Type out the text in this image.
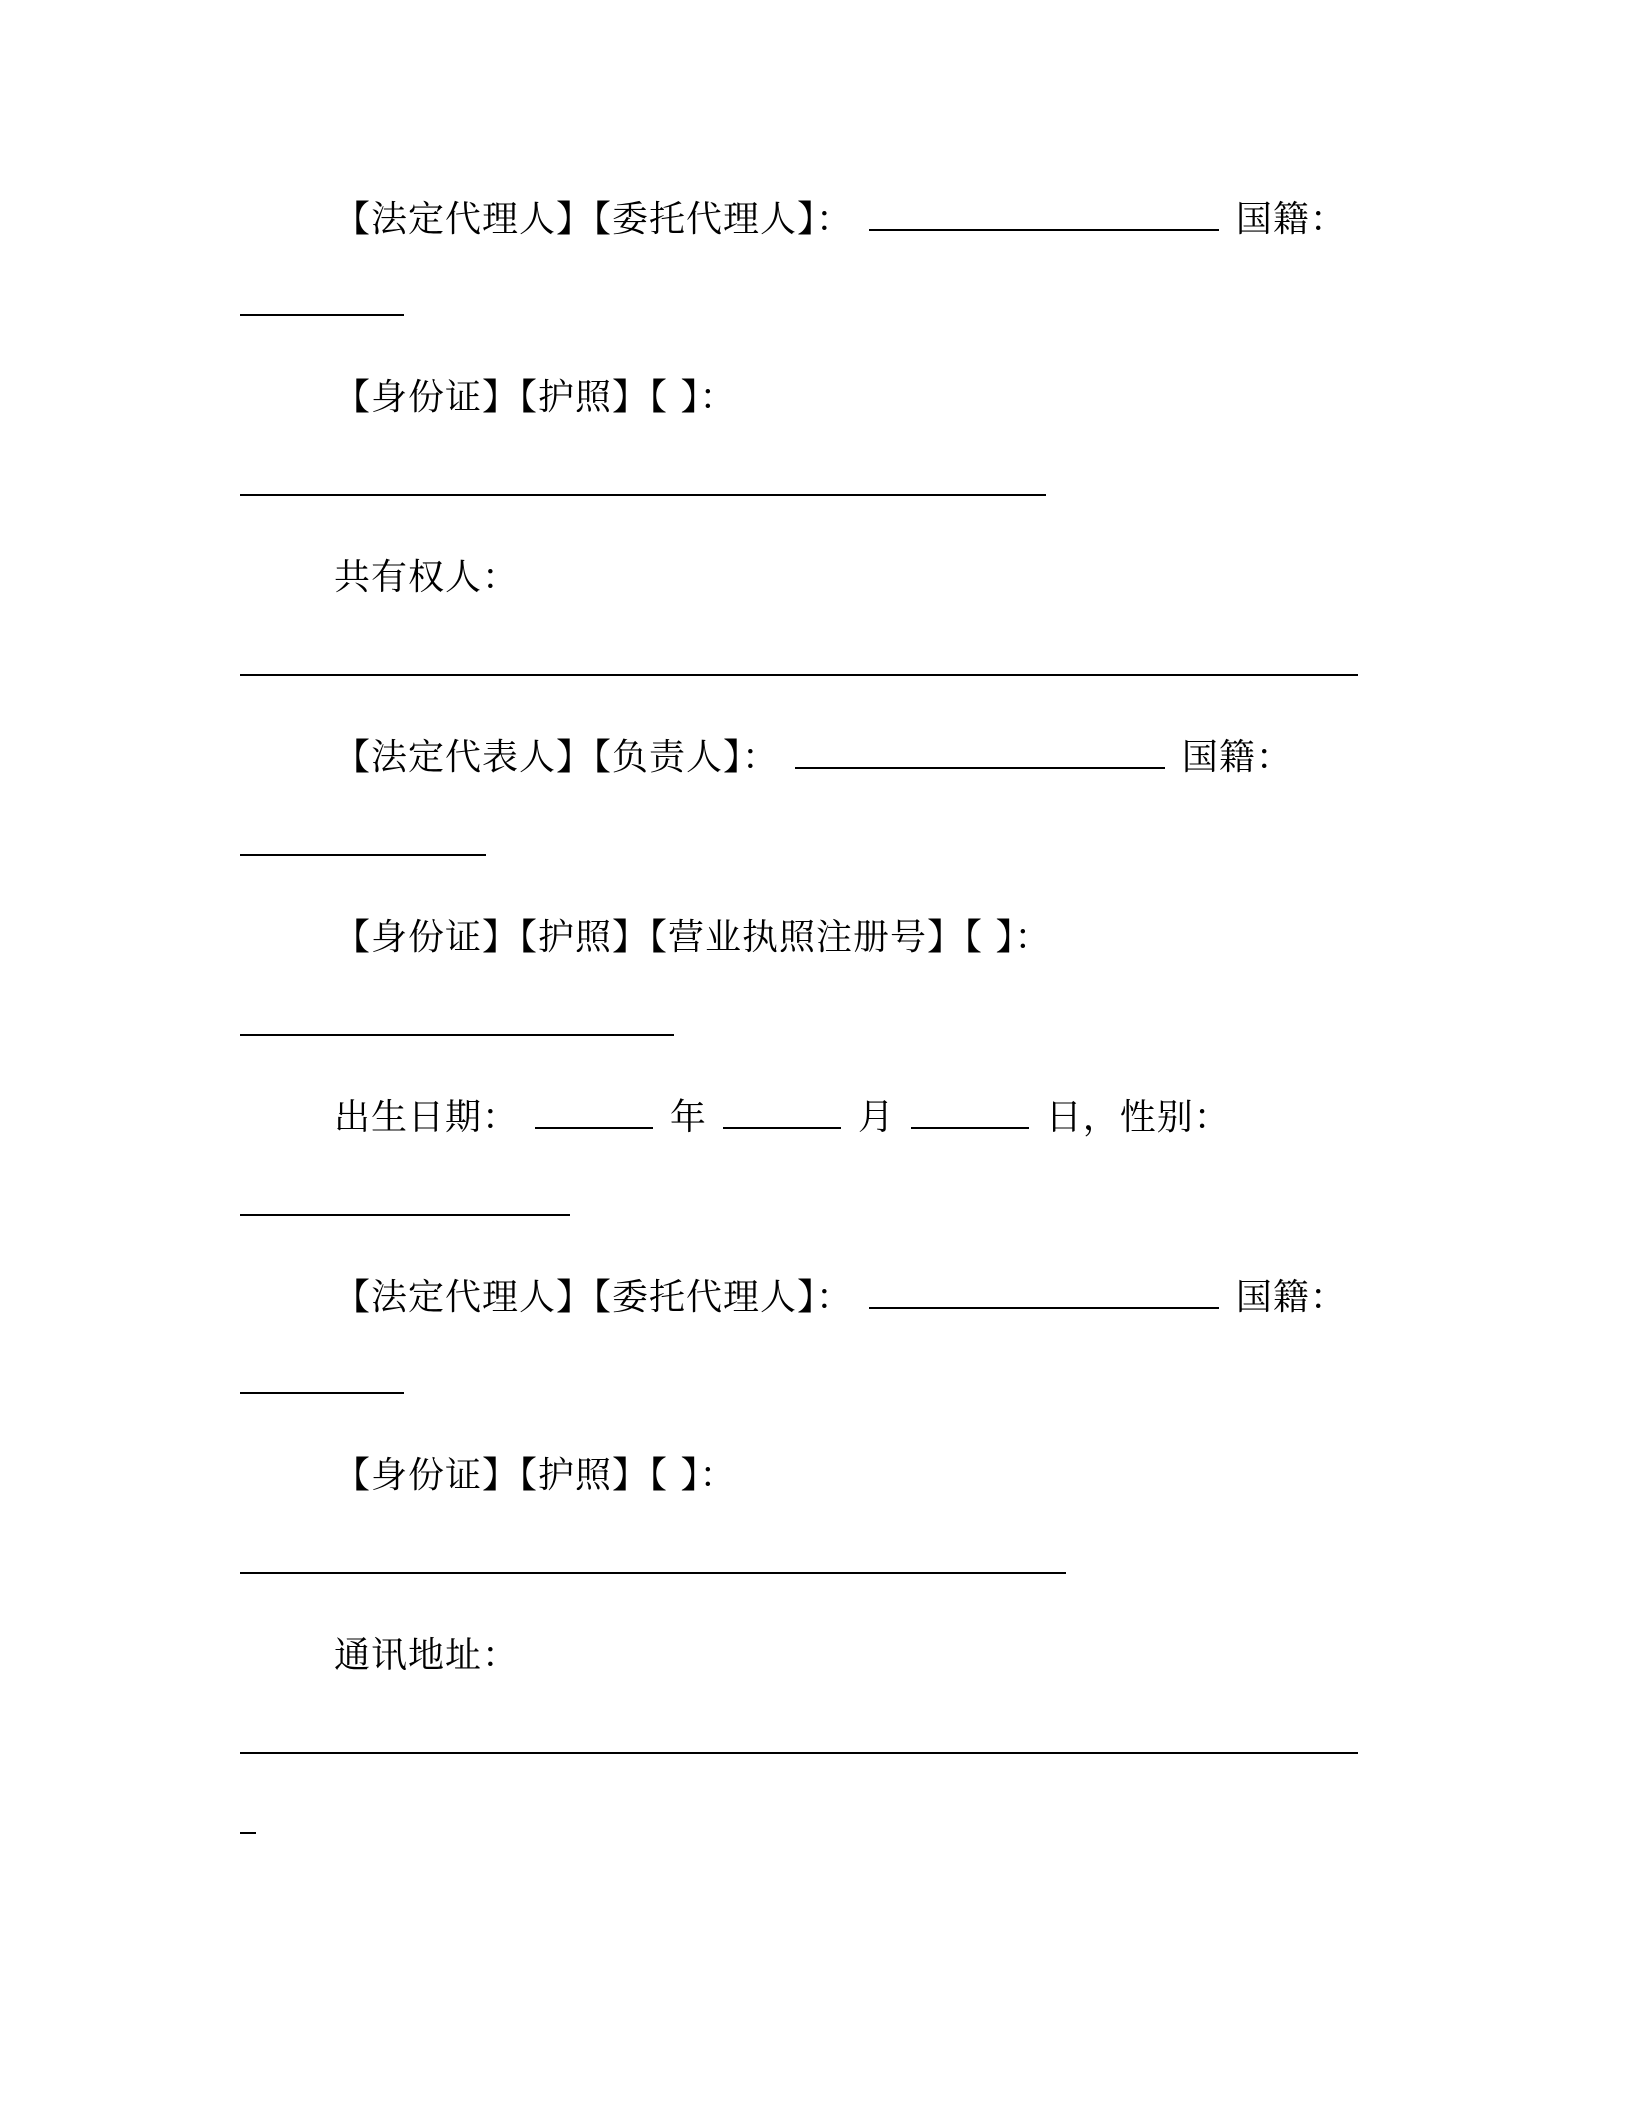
【法定代理人】【委托代理人】：	国籍：
【身份证】【护照】【 】：
共有权人：
【法定代表人】【负责人】：	国籍：
【身份证】【护照】【营业执照注册号】【 】：
出生日期：	年	月	日，性别：
【法定代理人】【委托代理人】：	国籍：
【身份证】【护照】【 】：
通讯地址：
